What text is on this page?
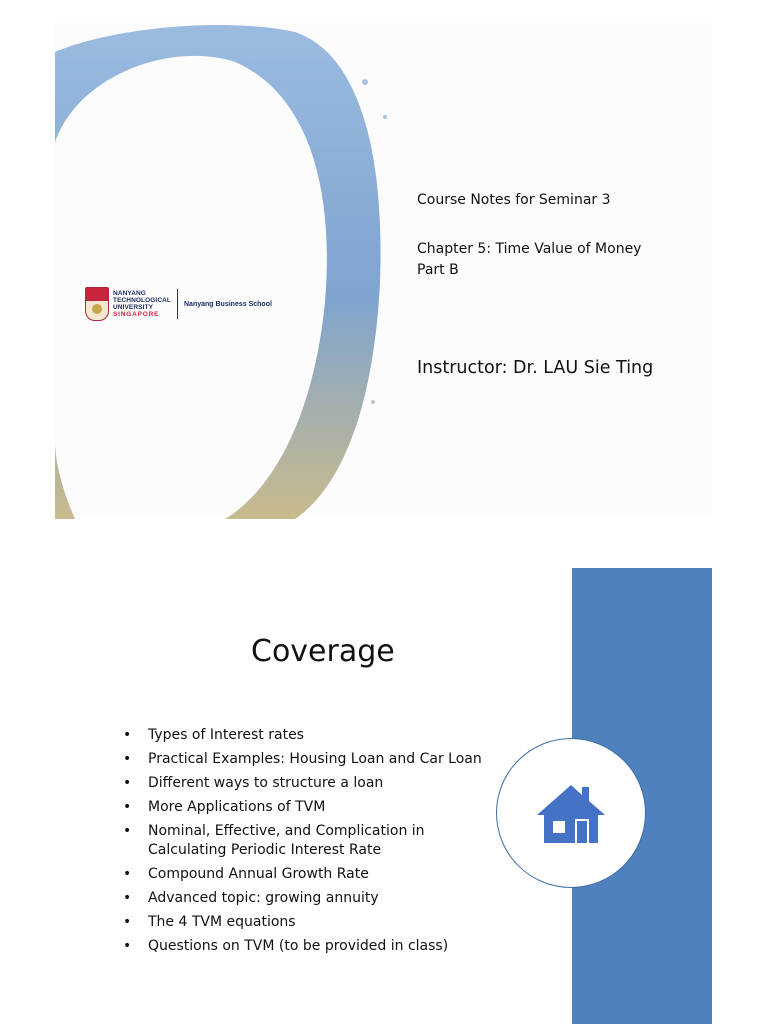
NANYANG
TECHNOLOGICAL
UNIVERSITY
SINGAPORE
Nanyang Business School
Course Notes for Seminar 3
Chapter 5: Time Value of Money
Part B
Instructor: Dr. LAU Sie Ting
Coverage
• Types of Interest rates
• Practical Examples: Housing Loan and Car Loan
• Different ways to structure a loan
• More Applications of TVM
• Nominal, Effective, and Complication in Calculating Periodic Interest Rate
• Compound Annual Growth Rate
• Advanced topic: growing annuity
• The 4 TVM equations
• Questions on TVM (to be provided in class)
